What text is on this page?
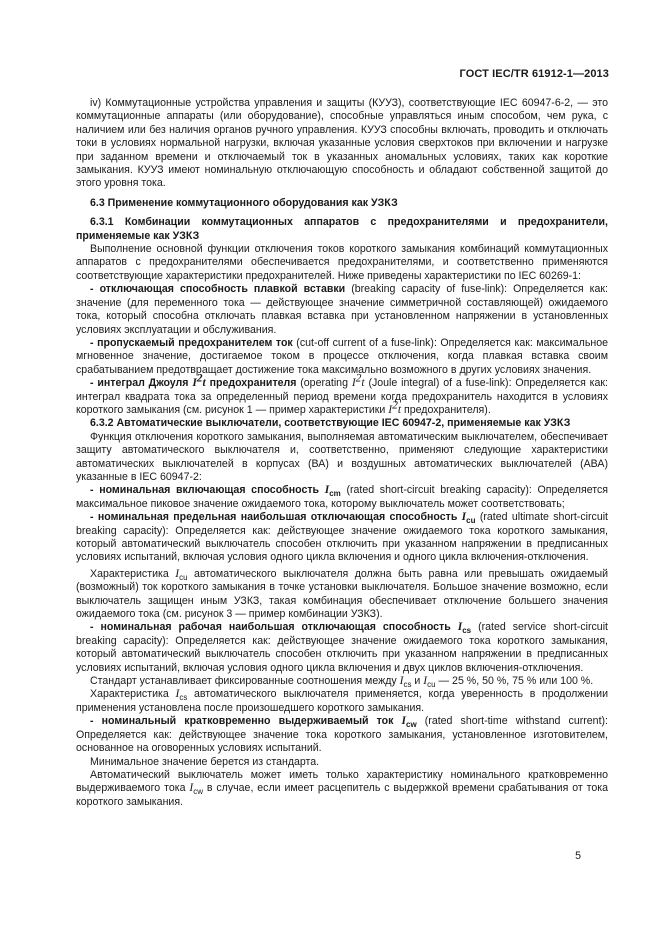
ГОСТ IEC/TR 61912-1—2013

iv) Коммутационные устройства управления и защиты (КУУЗ), соответствующие IEC 60947-6-2, — это коммутационные аппараты (или оборудование), способные управляться иным способом, чем рука, с наличием или без наличия органов ручного управления. КУУЗ способны включать, проводить и отключать токи в условиях нормальной нагрузки, включая указанные условия сверхтоков при включении и нагрузке при заданном времени и отключаемый ток в указанных аномальных условиях, таких как короткие замыкания. КУУЗ имеют номинальную отключающую способность и обладают собственной защитой до этого уровня тока.

6.3 Применение коммутационного оборудования как УЗКЗ

6.3.1 Комбинации коммутационных аппаратов с предохранителями и предохранители, применяемые как УЗКЗ

Выполнение основной функции отключения токов короткого замыкания комбинаций коммутационных аппаратов с предохранителями обеспечивается предохранителями, и соответственно применяются соответствующие характеристики предохранителей. Ниже приведены характеристики по IEC 60269-1:

- отключающая способность плавкой вставки (breaking capacity of fuse-link): Определяется как: значение (для переменного тока — действующее значение симметричной составляющей) ожидаемого тока, который способна отключать плавкая вставка при установленном напряжении в установленных условиях эксплуатации и обслуживания.

- пропускаемый предохранителем ток (cut-off current of a fuse-link): Определяется как: максимальное мгновенное значение, достигаемое током в процессе отключения, когда плавкая вставка своим срабатыванием предотвращает достижение тока максимально возможного в других условиях значения.

- интеграл Джоуля $I^2t$ предохранителя (operating $I^2t$ (Joule integral) of a fuse-link): Определяется как: интеграл квадрата тока за определенный период времени когда предохранитель находится в условиях короткого замыкания (см. рисунок 1 — пример характеристики $I^2t$ предохранителя).

6.3.2 Автоматические выключатели, соответствующие IEC 60947-2, применяемые как УЗКЗ

Функция отключения короткого замыкания, выполняемая автоматическим выключателем, обеспечивает защиту автоматического выключателя и, соответственно, применяют следующие характеристики автоматических выключателей в корпусах (ВА) и воздушных автоматических выключателей (АВА) указанные в IEC 60947-2:

- номинальная включающая способность $I_{cm}$ (rated short-circuit breaking capacity): Определяется максимальное пиковое значение ожидаемого тока, которому выключатель может соответствовать;

- номинальная предельная наибольшая отключающая способность $I_{cu}$ (rated ultimate short-circuit breaking capacity): Определяется как: действующее значение ожидаемого тока короткого замыкания, который автоматический выключатель способен отключить при указанном напряжении в предписанных условиях испытаний, включая условия одного цикла включения и одного цикла включения-отключения.

Характеристика $I_{cu}$ автоматического выключателя должна быть равна или превышать ожидаемый (возможный) ток короткого замыкания в точке установки выключателя. Большое значение возможно, если выключатель защищен иным УЗКЗ, такая комбинация обеспечивает отключение большего значения ожидаемого тока (см. рисунок 3 — пример комбинации УЗКЗ).

- номинальная рабочая наибольшая отключающая способность $I_{cs}$ (rated service short-circuit breaking capacity): Определяется как: действующее значение ожидаемого тока короткого замыкания, который автоматический выключатель способен отключить при указанном напряжении в предписанных условиях испытаний, включая условия одного цикла включения и двух циклов включения-отключения.

Стандарт устанавливает фиксированные соотношения между $I_{cs}$ и $I_{cu}$ — 25 %, 50 %, 75 % или 100 %.

Характеристика $I_{cs}$ автоматического выключателя применяется, когда уверенность в продолжении применения установлена после произошедшего короткого замыкания.

- номинальный кратковременно выдерживаемый ток $I_{cw}$ (rated short-time withstand current): Определяется как: действующее значение тока короткого замыкания, установленное изготовителем, основанное на оговоренных условиях испытаний.

Минимальное значение берется из стандарта.

Автоматический выключатель может иметь только характеристику номинального кратковременно выдерживаемого тока $I_{cw}$ в случае, если имеет расцепитель с выдержкой времени срабатывания от тока короткого замыкания.

5
